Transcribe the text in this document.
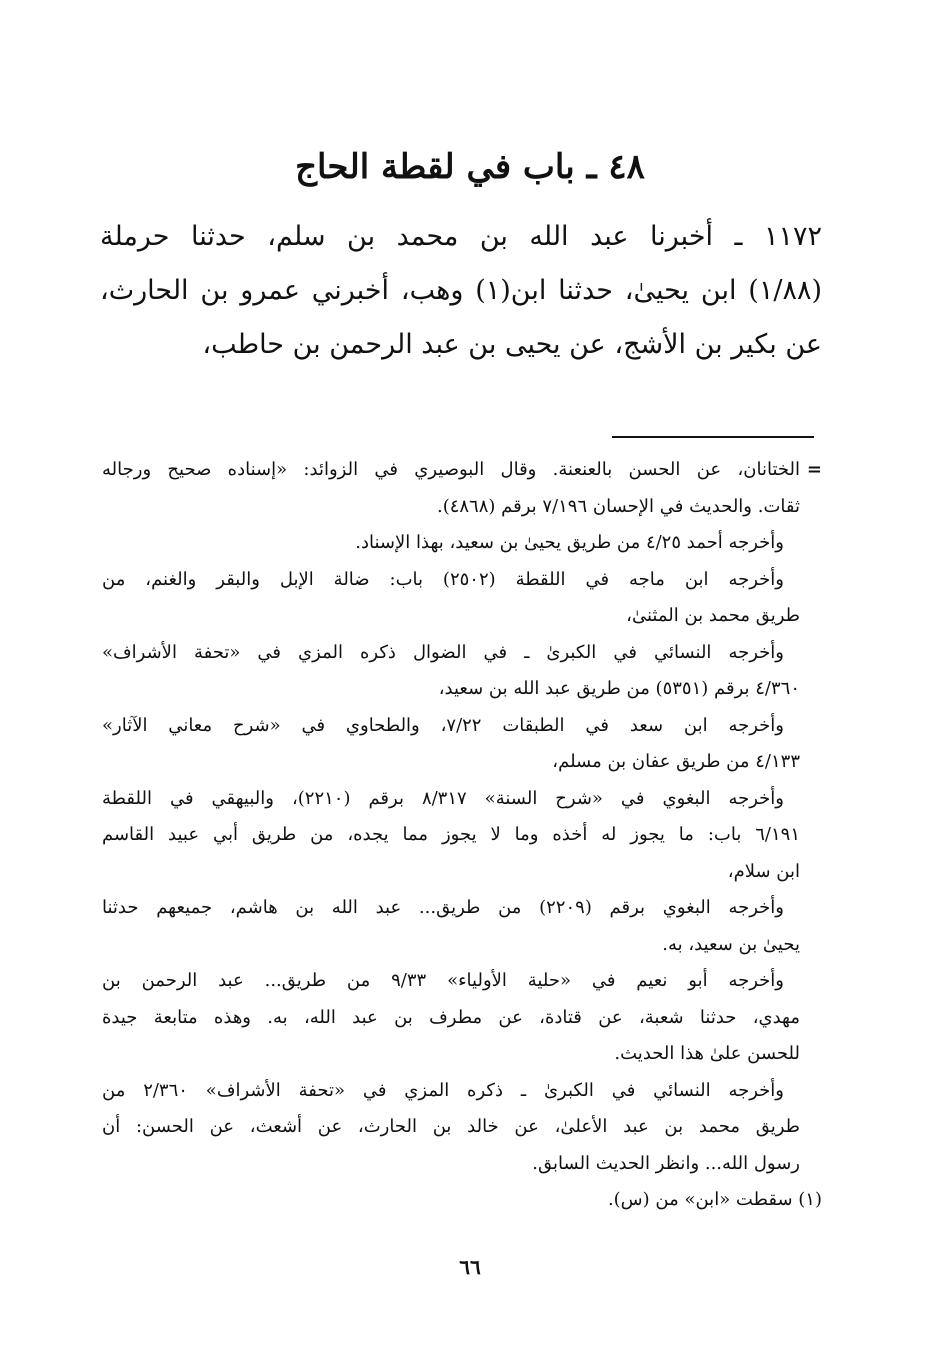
٤٨ ـ باب في لقطة الحاج
١١٧٢ ـ أخبرنا عبد الله بن محمد بن سلم، حدثنا حرملة
(١/٨٨) ابن يحيىٰ، حدثنا ابن(١) وهب، أخبرني عمرو بن الحارث،
عن بكير بن الأشج، عن يحيى بن عبد الرحمن بن حاطب،
=
الختانان، عن الحسن بالعنعنة. وقال البوصيري في الزوائد: «إسناده صحيح ورجاله
ثقات. والحديث في الإحسان ٧/١٩٦ برقم (٤٨٦٨).
وأخرجه أحمد ٤/٢٥ من طريق يحيىٰ بن سعيد، بهذا الإسناد.
وأخرجه ابن ماجه في اللقطة (٢٥٠٢) باب: ضالة الإبل والبقر والغنم، من
طريق محمد بن المثنىٰ،
وأخرجه النسائي في الكبرىٰ ـ في الضوال ذكره المزي في «تحفة الأشراف»
٤/٣٦٠ برقم (٥٣٥١) من طريق عبد الله بن سعيد،
وأخرجه ابن سعد في الطبقات ٧/٢٢، والطحاوي في «شرح معاني الآثار»
٤/١٣٣ من طريق عفان بن مسلم،
وأخرجه البغوي في «شرح السنة» ٨/٣١٧ برقم (٢٢١٠)، والبيهقي في اللقطة
٦/١٩١ باب: ما يجوز له أخذه وما لا يجوز مما يجده، من طريق أبي عبيد القاسم
ابن سلام،
وأخرجه البغوي برقم (٢٢٠٩) من طريق... عبد الله بن هاشم، جميعهم حدثنا
يحيىٰ بن سعيد، به.
وأخرجه أبو نعيم في «حلية الأولياء» ٩/٣٣ من طريق... عبد الرحمن بن
مهدي، حدثنا شعبة، عن قتادة، عن مطرف بن عبد الله، به. وهذه متابعة جيدة
للحسن علىٰ هذا الحديث.
وأخرجه النسائي في الكبرىٰ ـ ذكره المزي في «تحفة الأشراف» ٢/٣٦٠ من
طريق محمد بن عبد الأعلىٰ، عن خالد بن الحارث، عن أشعث، عن الحسن: أن
رسول الله... وانظر الحديث السابق.
(١) سقطت «ابن» من (س).
٦٦
